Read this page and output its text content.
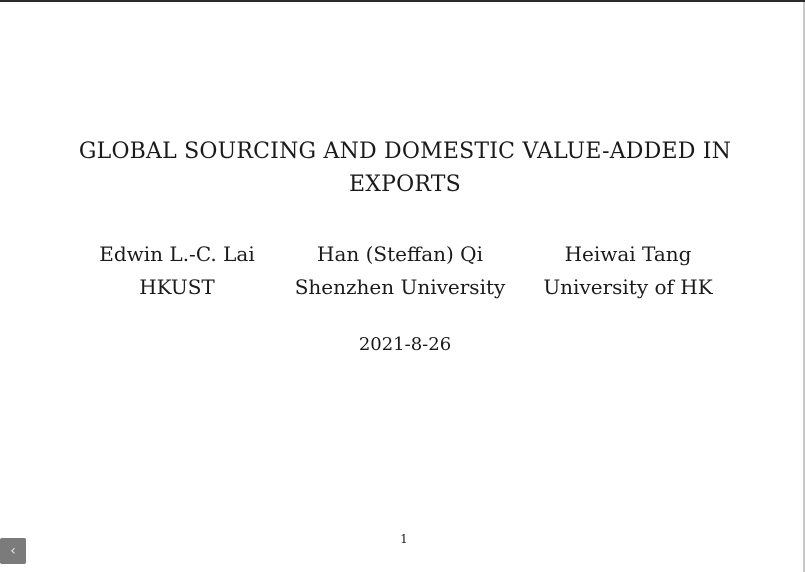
GLOBAL SOURCING AND DOMESTIC VALUE-ADDED IN EXPORTS
Edwin L.-C. Lai
HKUST
Han (Steffan) Qi
Shenzhen University
Heiwai Tang
University of HK
2021-8-26
1
‹
